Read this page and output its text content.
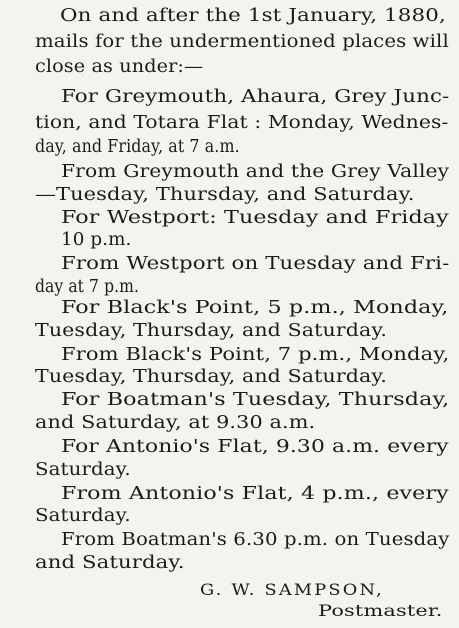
On and after the 1st January, 1880,
mails for the undermentioned places will
close as under:—
For Greymouth, Ahaura, Grey Junc-
tion, and Totara Flat : Monday, Wednes-
day, and Friday, at 7 a.m.
From Greymouth and the Grey Valley
—Tuesday, Thursday, and Saturday.
For Westport: Tuesday and Friday
10 p.m.
From Westport on Tuesday and Fri-
day at 7 p.m.
For Black's Point, 5 p.m., Monday,
Tuesday, Thursday, and Saturday.
From Black's Point, 7 p.m., Monday,
Tuesday, Thursday, and Saturday.
For Boatman's Tuesday, Thursday,
and Saturday, at 9.30 a.m.
For Antonio's Flat, 9.30 a.m. every
Saturday.
From Antonio's Flat, 4 p.m., every
Saturday.
From Boatman's 6.30 p.m. on Tuesday
and Saturday.
G. W. SAMPSON,
Postmaster.
